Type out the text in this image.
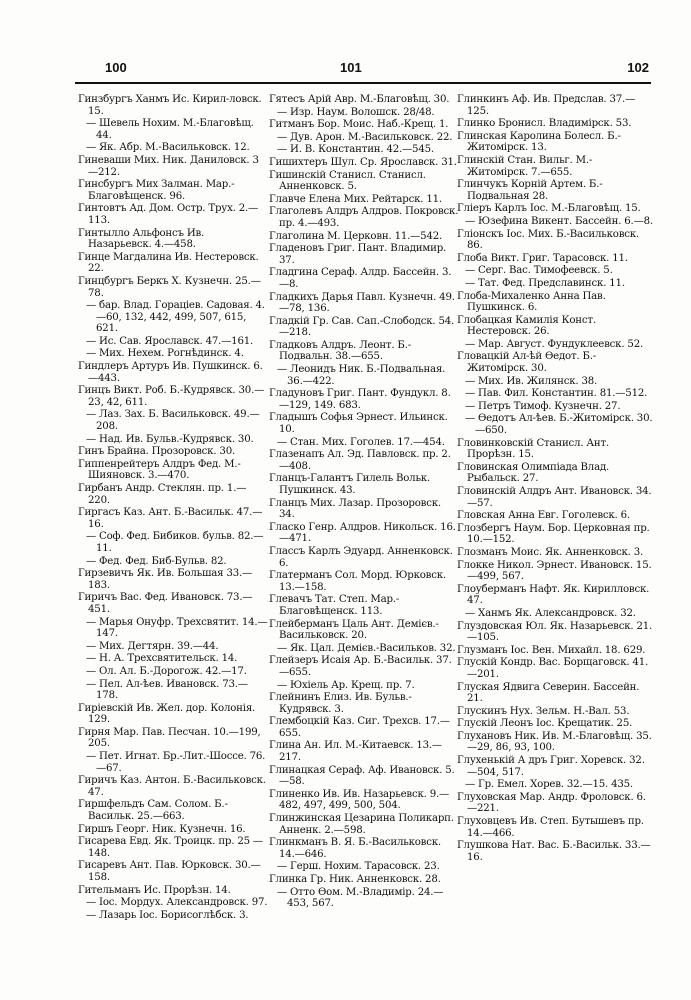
100	101	102
Гинзбургъ Ханмъ Ис. Кирил-ловск. 15.
— Шевель Нохим. М.-Благовѣщ. 44.
— Як. Абр. М.-Васильковск. 12.
Гиневаши Мих. Ник. Даниловск. 3 —212.
Гинсбургъ Мих Залман. Мар.-Благовѣщенск. 96.
Гинтовтъ Ад. Дом. Остр. Трух. 2.—113.
Гинтылло Альфонсъ Ив. Назарьевск. 4.—458.
Гинце Магдалина Ив. Нестеровск. 22.
Гинцбургъ Беркъ Х. Кузнечн. 25.—78.
— бар. Влад. Гораціев. Садовая. 4.—60, 132, 442, 499, 507, 615, 621.
— Ис. Сав. Ярославск. 47.—161.
— Мих. Нехем. Рогнѣдинск. 4.
Гиндлеръ Артуръ Ив. Пушкинск. 6.—443.
Гинцъ Викт. Роб. Б.-Кудрявск. 30.—23, 42, 611.
— Лаз. Зах. Б. Васильковск. 49.—208.
— Над. Ив. Бульв.-Кудрявск. 30.
Гинъ Брайна. Прозоровск. 30.
Гиппенрейтеръ Алдръ Фед. М.-Шияновск. 3.—470.
Гирбанъ Андр. Стеклян. пр. 1.—220.
Гиргасъ Каз. Ант. Б.-Васильк. 47.—16.
— Соф. Фед. Бибиков. бульв. 82.—11.
— Фед. Фед. Биб-Бульв. 82.
Гирзевичъ Як. Ив. Большая 33.—183.
Гиричъ Вас. Фед. Ивановск. 73.—451.
— Марья Онуфр. Трехсвятит. 14.—147.
— Мих. Дегтярн. 39.—44.
— Н. А. Трехсвятительск. 14.
— Ол. Ал. Б.-Дорогож. 42.—17.
— Пел. Ал-ѣев. Ивановск. 73.—178.
Гиріевскій Ив. Жел. дор. Колонія. 129.
Гирня Мар. Пав. Песчан. 10.—199, 205.
— Пет. Игнат. Бр.-Лит.-Шоссе. 76.—67.
Гиричъ Каз. Антон. Б.-Васильковск. 47.
Гиршфельдъ Сам. Солом. Б.-Васильк. 25.—663.
Гиршъ Георг. Ник. Кузнечн. 16.
Гисарева Евд. Як. Троицк. пр. 25 —148.
Гисаревъ Ант. Пав. Юрковск. 30.—158.
Гительманъ Ис. Прорѣзн. 14.
— Іос. Мордух. Александровск. 97.
— Лазарь Іос. Борисоглѣбск. 3.
Гятесъ Арій Авр. М.-Благовѣщ. 30.
— Изр. Наум. Волошск. 28/48.
Гитманъ Бор. Моис. Наб.-Крещ. 1.
— Дув. Арон. М.-Васильковск. 22.
— И. В. Константин. 42.—545.
Гишихтеръ Шул. Ср. Ярославск. 31.
Гишинскій Станисл. Станисл. Анненковск. 5.
Главче Елена Мих. Рейтарск. 11.
Глаголевъ Алдръ Алдров. Покровск. пр. 4.—493.
Глаголина М. Церковн. 11.—542.
Гладеновъ Григ. Пант. Владимир. 37.
Гладгина Сераф. Алдр. Бассейн. 3.—8.
Гладкихъ Дарья Павл. Кузнечн. 49.—78, 136.
Гладкій Гр. Сав. Сап.-Слободск. 54.—218.
Гладковъ Алдръ. Леонт. Б.-Подвальн. 38.—655.
— Леонидъ Ник. Б.-Подвальная. 36.—422.
Гладуновъ Григ. Пант. Фундукл. 8.—129, 149. 683.
Гладышъ Софья Эрнест. Ильинск. 10.
— Стан. Мих. Гоголев. 17.—454.
Глазенапъ Ал. Эд. Павловск. пр. 2.—408.
Гланцъ-Галантъ Гилель Вольк. Пушкинск. 43.
Гланцъ Мих. Лазар. Прозоровск. 34.
Гласко Генр. Алдров. Никольск. 16.—471.
Глассъ Карлъ Эдуард. Анненковск. 6.
Глатерманъ Сол. Морд. Юрковск. 13.—158.
Глевачъ Тат. Степ. Мар.-Благовѣщенск. 113.
Глейберманъ Цаль Ант. Демієв.-Васильковск. 20.
— Як. Цал. Демієв.-Васильков. 32.
Глейзеръ Исаія Ар. Б.-Васильк. 37.—655.
— Юхіель Ар. Крещ. пр. 7.
Глейнинъ Елиз. Ив. Бульв.-Кудрявск. 3.
Глембоцкій Каз. Сиг. Трехсв. 17.—655.
Глина Ан. Ил. М.-Китаевск. 13.—217.
Глинацкая Сераф. Аф. Ивановск. 5.—58.
Глиненко Ив. Ив. Назарьевск. 9.—482, 497, 499, 500, 504.
Глинжинская Цезарина Поликарп. Анненк. 2.—598.
Глинкманъ В. Я. Б.-Васильковск. 14.—646.
— Герш. Нохим. Тарасовск. 23.
Глинка Гр. Ник. Анненковск. 28.
— Отто Ѳом. М.-Владимір. 24.—453, 567.
Глинкинъ Аф. Ив. Предслав. 37.—125.
Глинко Бронисл. Владимірск. 53.
Глинская Каролина Болесл. Б.-Житомірск. 13.
Глинскій Стан. Вильг. М.-Житомірск. 7.—655.
Глинчукъ Корній Артем. Б.-Подвальная 28.
Гліеръ Карлъ Іос. М.-Благовѣщ. 15.
— Юзефина Викент. Бассейн. 6.—8.
Гліонскъ Іос. Мих. Б.-Васильковск. 86.
Глоба Викт. Григ. Тарасовск. 11.
— Серг. Вас. Тимофеевск. 5.
— Тат. Фед. Предславинск. 11.
Глоба-Михаленко Анна Пав. Пушкинск. 6.
Глобацкая Камилія Конст. Нестеровск. 26.
— Мар. Август. Фундуклеевск. 52.
Гловацкій Ал-ѣй Ѳедот. Б.-Житомірск. 30.
— Мих. Ив. Жилянск. 38.
— Пав. Фил. Константин. 81.—512.
— Петръ Тимоф. Кузнечн. 27.
— Ѳедотъ Ал-ѣев. Б.-Житомірск. 30.—650.
Гловинковскій Станисл. Ант. Прорѣзн. 15.
Гловинская Олимпіада Влад. Рыбальск. 27.
Гловинскій Алдръ Ант. Ивановск. 34.—57.
Гловская Анна Евг. Гоголевск. 6.
Глозбергъ Наум. Бор. Церковная пр. 10.—152.
Глозманъ Моис. Як. Анненковск. 3.
Глокке Никол. Эрнест. Ивановск. 15.—499, 567.
Глоуберманъ Нафт. Як. Кирилловск. 47.
— Ханмъ Як. Александровск. 32.
Глуздовская Юл. Як. Назарьевск. 21.—105.
Глузманъ Іос. Вен. Михайл. 18. 629.
Глускій Кондр. Вас. Борщаговск. 41.—201.
Глуская Ядвига Северин. Бассейн. 21.
Глускинъ Нух. Зельм. Н.-Вал. 53.
Глускій Леонъ Іос. Крещатик. 25.
Глухановъ Ник. Ив. М.-Благовѣщ. 35.—29, 86, 93, 100.
Глухенькій А дръ Григ. Хоревск. 32.—504, 517.
— Гр. Емел. Хорев. 32.—15. 435.
Глуховская Мар. Андр. Фроловск. 6.—221.
Глуховцевъ Ив. Степ. Бутышевъ пр. 14.—466.
Глушкова Нат. Вас. Б.-Васильк. 33.—16.
